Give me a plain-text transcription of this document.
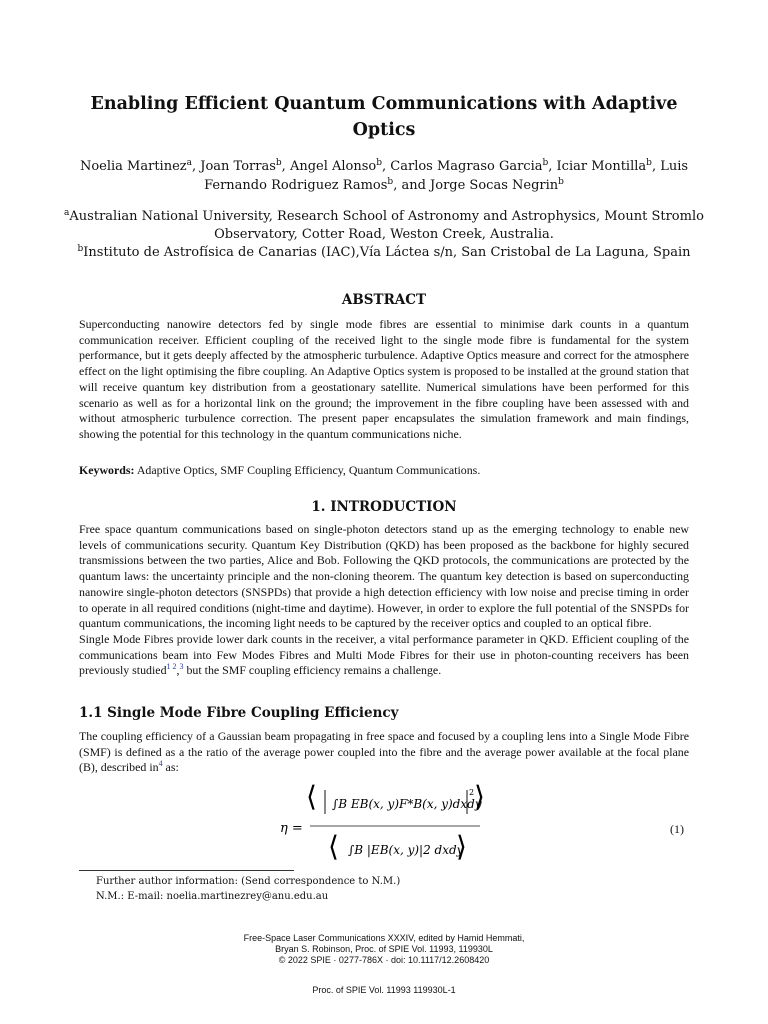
Enabling Efficient Quantum Communications with Adaptive Optics
Noelia Martinez$^a$, Joan Torras$^b$, Angel Alonso$^b$, Carlos Magraso Garcia$^b$, Iciar Montilla$^b$, Luis Fernando Rodriguez Ramos$^b$, and Jorge Socas Negrin$^b$
$^a$Australian National University, Research School of Astronomy and Astrophysics, Mount Stromlo Observatory, Cotter Road, Weston Creek, Australia.
$^b$Instituto de Astrofísica de Canarias (IAC),Vía Láctea s/n, San Cristobal de La Laguna, Spain
ABSTRACT
Superconducting nanowire detectors fed by single mode fibres are essential to minimise dark counts in a quantum communication receiver. Efficient coupling of the received light to the single mode fibre is fundamental for the system performance, but it gets deeply affected by the atmospheric turbulence. Adaptive Optics measure and correct for the atmosphere effect on the light optimising the fibre coupling. An Adaptive Optics system is proposed to be installed at the ground station that will receive quantum key distribution from a geostationary satellite. Numerical simulations have been performed for this scenario as well as for a horizontal link on the ground; the improvement in the fibre coupling have been assessed with and without atmospheric turbulence correction. The present paper encapsulates the simulation framework and main findings, showing the potential for this technology in the quantum communications niche.
Keywords: Adaptive Optics, SMF Coupling Efficiency, Quantum Communications.
1. INTRODUCTION
Free space quantum communications based on single-photon detectors stand up as the emerging technology to enable new levels of communications security. Quantum Key Distribution (QKD) has been proposed as the backbone for highly secured transmissions between the two parties, Alice and Bob. Following the QKD protocols, the communications are protected by the quantum laws: the uncertainty principle and the non-cloning theorem. The quantum key detection is based on superconducting nanowire single-photon detectors (SNSPDs) that provide a high detection efficiency with low noise and precise timing in order to operate in all required conditions (night-time and daytime). However, in order to explore the full potential of the SNSPDs for quantum communications, the incoming light needs to be captured by the receiver optics and coupled to an optical fibre.
Single Mode Fibres provide lower dark counts in the receiver, a vital performance parameter in QKD. Efficient coupling of the communications beam into Few Modes Fibres and Multi Mode Fibres for their use in photon-counting receivers has been previously studied$^{1 2}$,$^3$ but the SMF coupling efficiency remains a challenge.
1.1 Single Mode Fibre Coupling Efficiency
The coupling efficiency of a Gaussian beam propagating in free space and focused by a coupling lens into a Single Mode Fibre (SMF) is defined as a the ratio of the average power coupled into the fibre and the average power available at the focal plane (B), described in$^4$ as:
η =
⟨ ∫B EB(x, y)F*B(x, y)dxdy
2 ⟩
⟨ ∫B |EB(x, y)|2 dxdy
⟩
(1)
Further author information: (Send correspondence to N.M.)
N.M.: E-mail: noelia.martinezrey@anu.edu.au
Free-Space Laser Communications XXXIV, edited by Hamid Hemmati,
Bryan S. Robinson, Proc. of SPIE Vol. 11993, 119930L
© 2022 SPIE · 0277-786X · doi: 10.1117/12.2608420
Proc. of SPIE Vol. 11993 119930L-1
